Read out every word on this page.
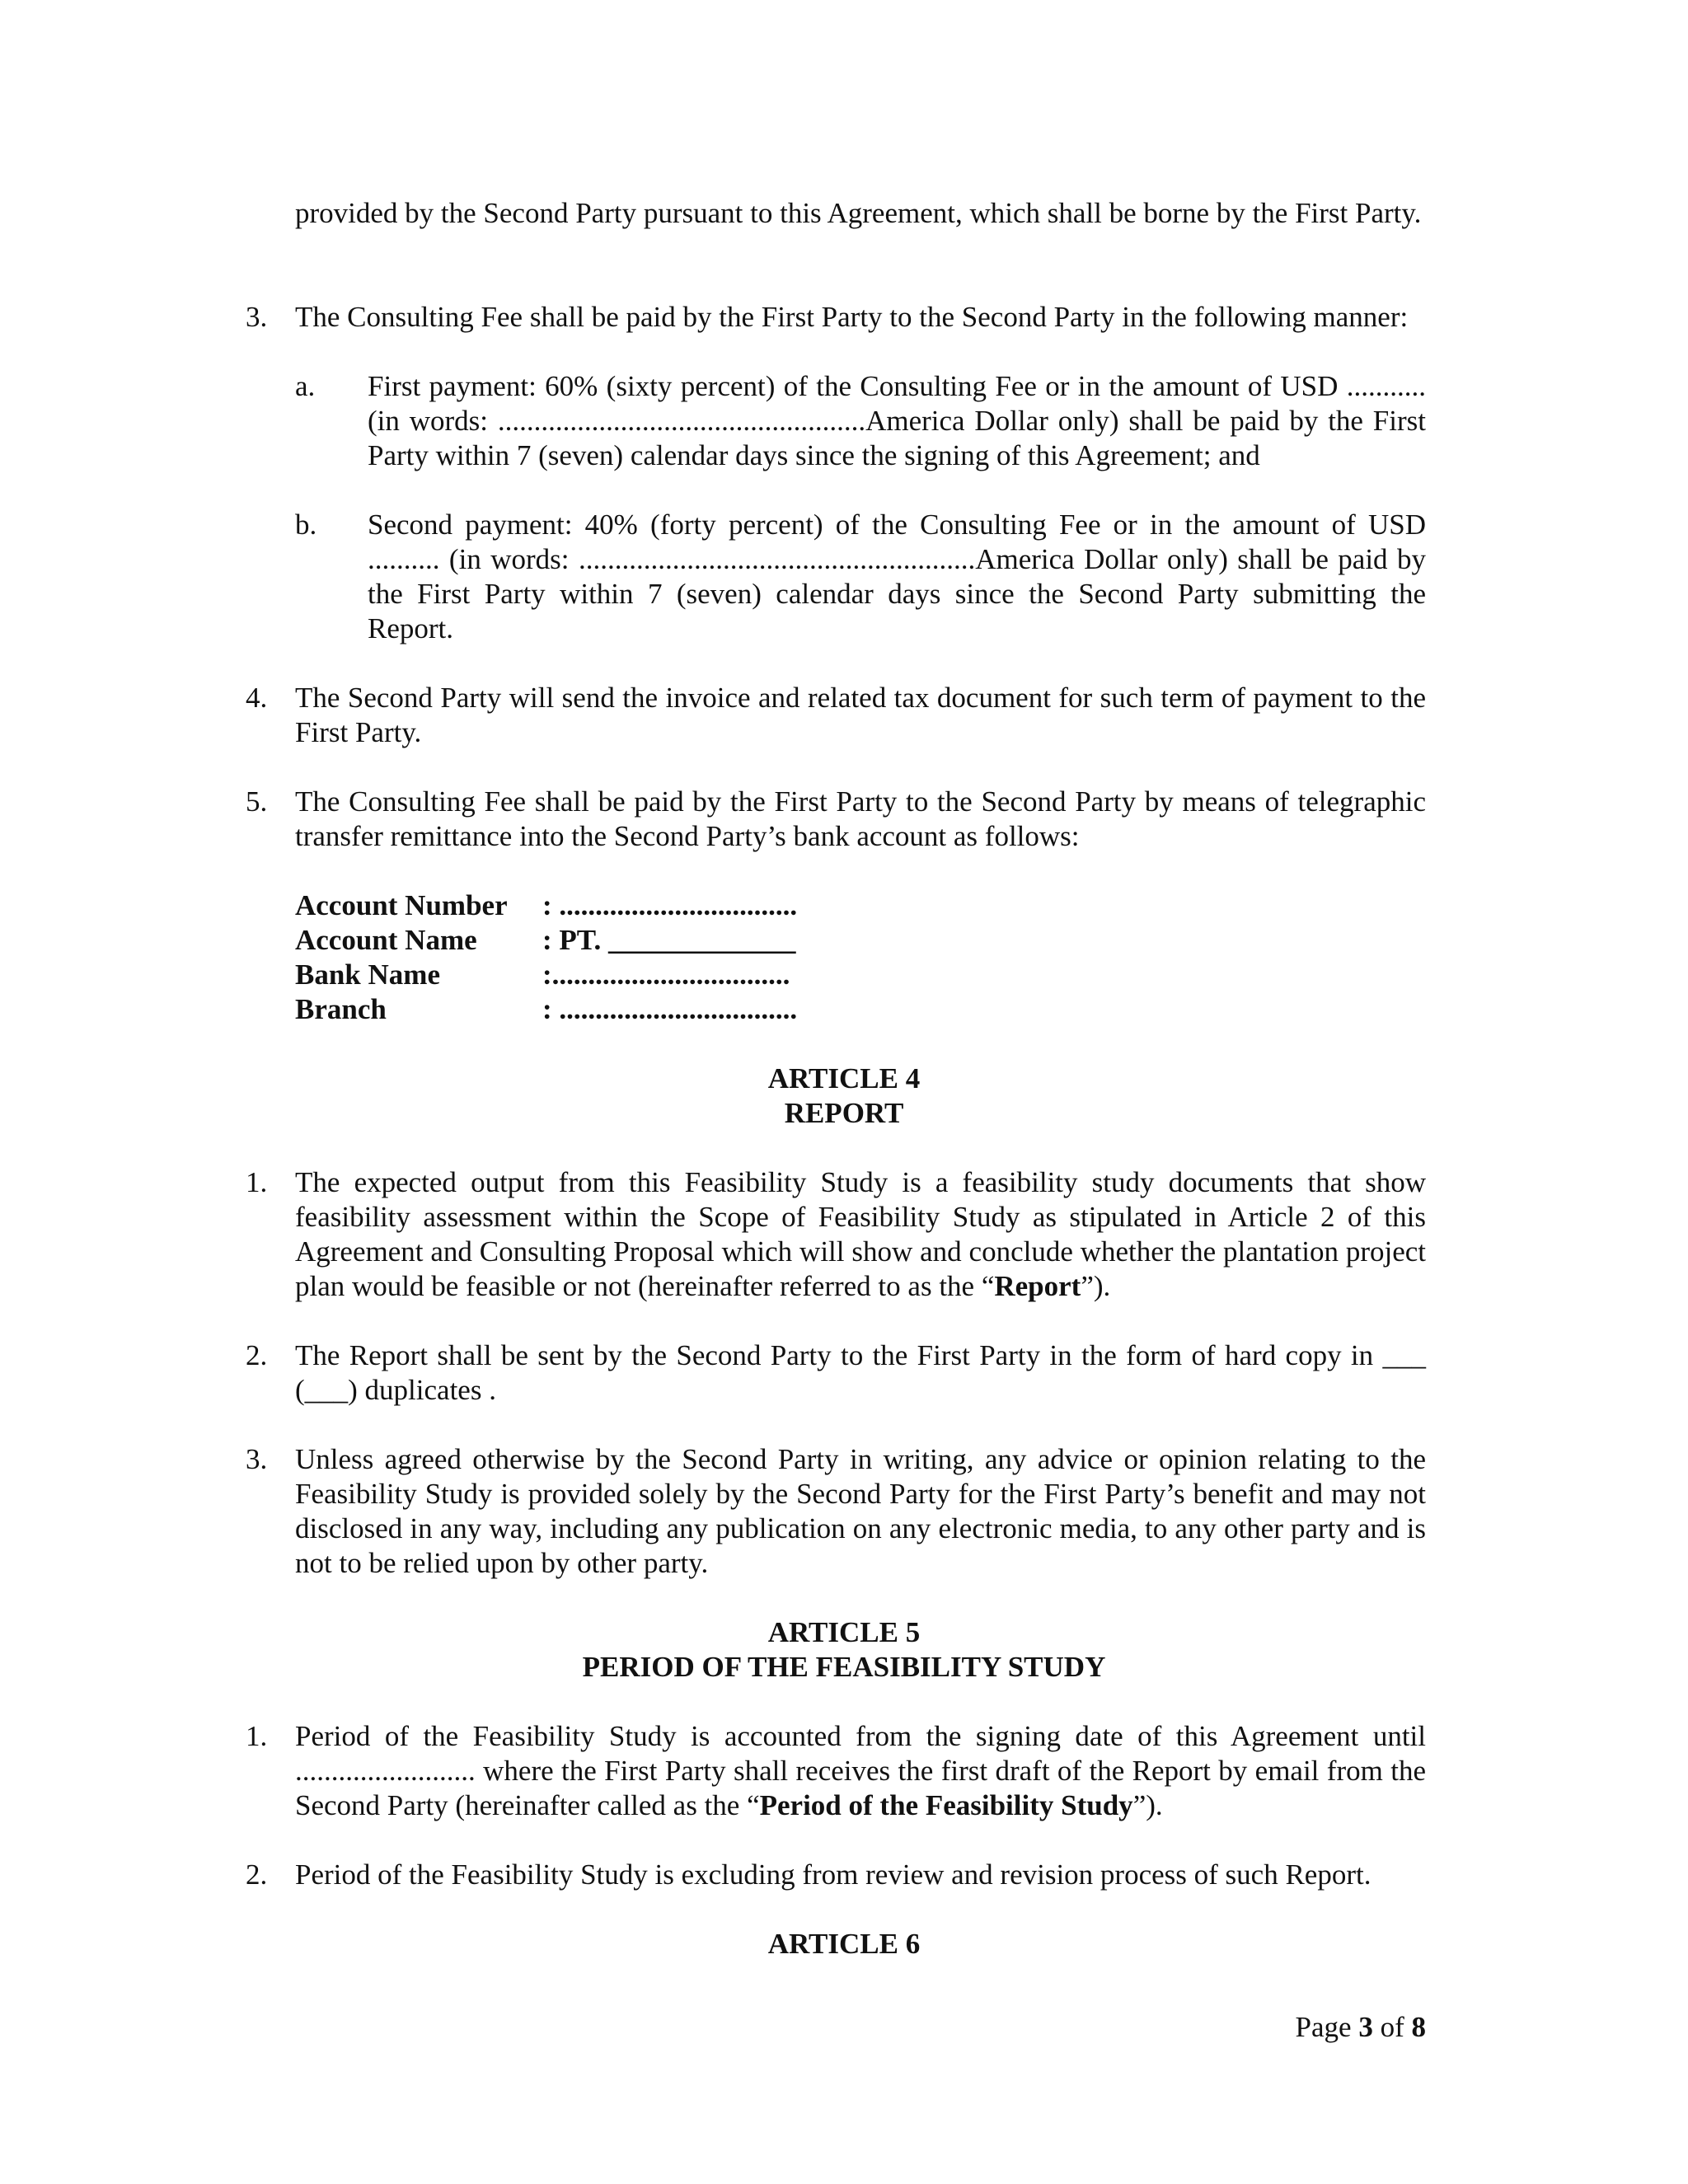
provided by the Second Party pursuant to this Agreement, which shall be borne by the First Party.
3. The Consulting Fee shall be paid by the First Party to the Second Party in the following manner:
a.	First payment: 60% (sixty percent) of the Consulting Fee or in the amount of USD ........... (in words: ...................................................America Dollar only) shall be paid by the First Party within 7 (seven) calendar days since the signing of this Agreement; and
b.	Second payment: 40% (forty percent) of the Consulting Fee or in the amount of USD .......... (in words: .......................................................America Dollar only) shall be paid by the First Party within 7 (seven) calendar days since the Second Party submitting the Report.
4. The Second Party will send the invoice and related tax document for such term of payment to the First Party.
5. The Consulting Fee shall be paid by the First Party to the Second Party by means of telegraphic transfer remittance into the Second Party’s bank account as follows:
Account Number	: .................................
Account Name	: PT. _____________
Bank Name	:.................................
Branch	: .................................
ARTICLE 4
REPORT
1. The expected output from this Feasibility Study is a feasibility study documents that show feasibility assessment within the Scope of Feasibility Study as stipulated in Article 2 of this Agreement and Consulting Proposal which will show and conclude whether the plantation project plan would be feasible or not (hereinafter referred to as the “Report”).
2. The Report shall be sent by the Second Party to the First Party in the form of hard copy in ___ (___) duplicates .
3. Unless agreed otherwise by the Second Party in writing, any advice or opinion relating to the Feasibility Study is provided solely by the Second Party for the First Party’s benefit and may not disclosed in any way, including any publication on any electronic media, to any other party and is not to be relied upon by other party.
ARTICLE 5
PERIOD OF THE FEASIBILITY STUDY
1. Period of the Feasibility Study is accounted from the signing date of this Agreement until ......................... where the First Party shall receives the first draft of the Report by email from the Second Party (hereinafter called as the “Period of the Feasibility Study”).
2. Period of the Feasibility Study is excluding from review and revision process of such Report.
ARTICLE 6
Page 3 of 8
